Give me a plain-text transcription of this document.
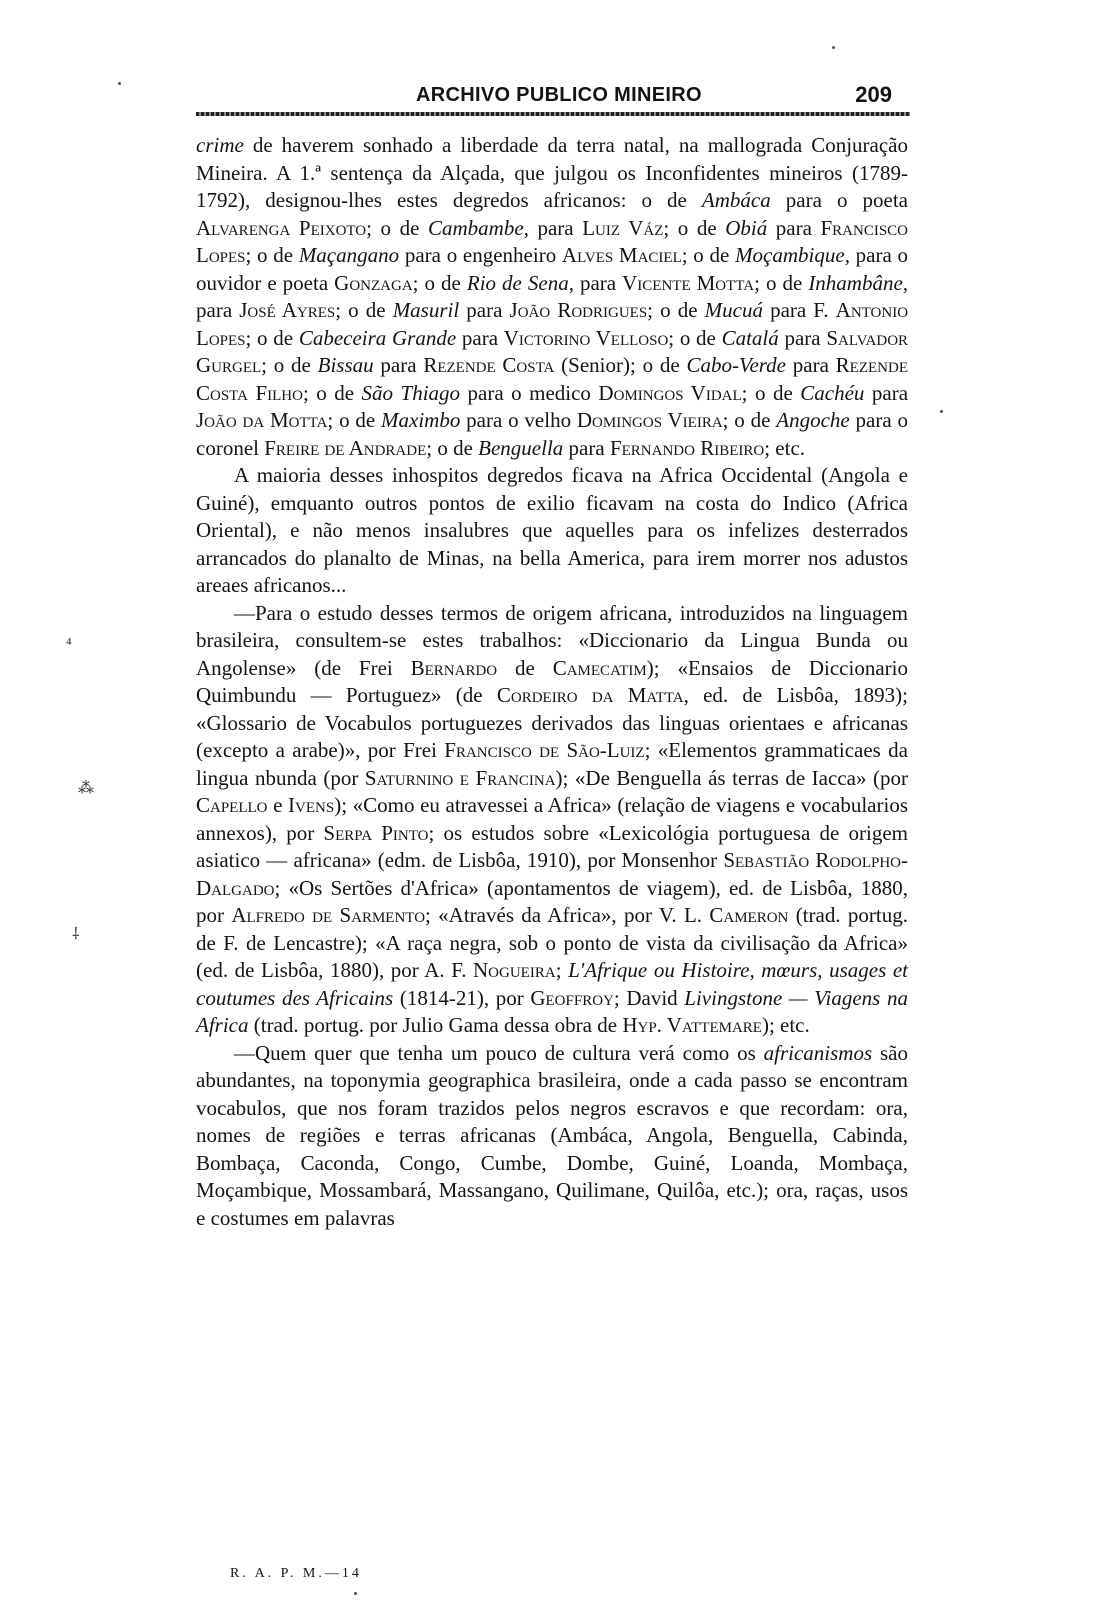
ARCHIVO PUBLICO MINEIRO	209

crime de haverem sonhado a liberdade da terra natal, na mallograda Conjuração Mineira. A 1.ª sentença da Alçada, que julgou os Inconfidentes mineiros (1789-1792), designou-lhes estes degredos africanos: o de Ambáca para o poeta Alvarenga Peixoto; o de Cambambe, para Luiz Váz; o de Obiá para Francisco Lopes; o de Maçangano para o engenheiro Alves Maciel; o de Moçambique, para o ouvidor e poeta Gonzaga; o de Rio de Sena, para Vicente Motta; o de Inhambâne, para José Ayres; o de Masuril para João Rodrigues; o de Mucuá para F. Antonio Lopes; o de Cabeceira Grande para Victorino Velloso; o de Catalá para Salvador Gurgel; o de Bissau para Rezende Costa (Senior); o de Cabo-Verde para Rezende Costa Filho; o de São Thiago para o medico Domingos Vidal; o de Cachéu para João da Motta; o de Maximbo para o velho Domingos Vieira; o de Angoche para o coronel Freire de Andrade; o de Benguella para Fernando Ribeiro; etc.

A maioria desses inhospitos degredos ficava na Africa Occidental (Angola e Guiné), emquanto outros pontos de exilio ficavam na costa do Indico (Africa Oriental), e não menos insalubres que aquelles para os infelizes desterrados arrancados do planalto de Minas, na bella America, para irem morrer nos adustos areaes africanos...

—Para o estudo desses termos de origem africana, introduzidos na linguagem brasileira, consultem-se estes trabalhos: «Diccionario da Lingua Bunda ou Angolense» (de Frei Bernardo de Camecatim); «Ensaios de Diccionario Quimbundu — Portuguez» (de Cordeiro da Matta, ed. de Lisbôa, 1893); «Glossario de Vocabulos portuguezes derivados das linguas orientaes e africanas (excepto a arabe)», por Frei Francisco de São-Luiz; «Elementos grammaticaes da lingua nbunda (por Saturnino e Francina); «De Benguella ás terras de Iacca» (por Capello e Ivens); «Como eu atravessei a Africa» (relação de viagens e vocabularios annexos), por Serpa Pinto; os estudos sobre «Lexicológia portuguesa de origem asiatico — africana» (edm. de Lisbôa, 1910), por Monsenhor Sebastião Rodolpho-Dalgado; «Os Sertões d'Africa» (apontamentos de viagem), ed. de Lisbôa, 1880, por Alfredo de Sarmento; «Através da Africa», por V. L. Cameron (trad. portug. de F. de Lencastre); «A raça negra, sob o ponto de vista da civilisação da Africa» (ed. de Lisbôa, 1880), por A. F. Nogueira; L'Afrique ou Histoire, mœurs, usages et coutumes des Africains (1814-21), por Geoffroy; David Livingstone — Viagens na Africa (trad. portug. por Julio Gama dessa obra de Hyp. Vattemare); etc.

—Quem quer que tenha um pouco de cultura verá como os africanismos são abundantes, na toponymia geographica brasileira, onde a cada passo se encontram vocabulos, que nos foram trazidos pelos negros escravos e que recordam: ora, nomes de regiões e terras africanas (Ambáca, Angola, Benguella, Cabinda, Bombaça, Caconda, Congo, Cumbe, Dombe, Guiné, Loanda, Mombaça, Moçambique, Mossambará, Massangano, Quilimane, Quilôa, etc.); ora, raças, usos e costumes em palavras

R. A. P. M.—14
⁴
⁂
⸸
